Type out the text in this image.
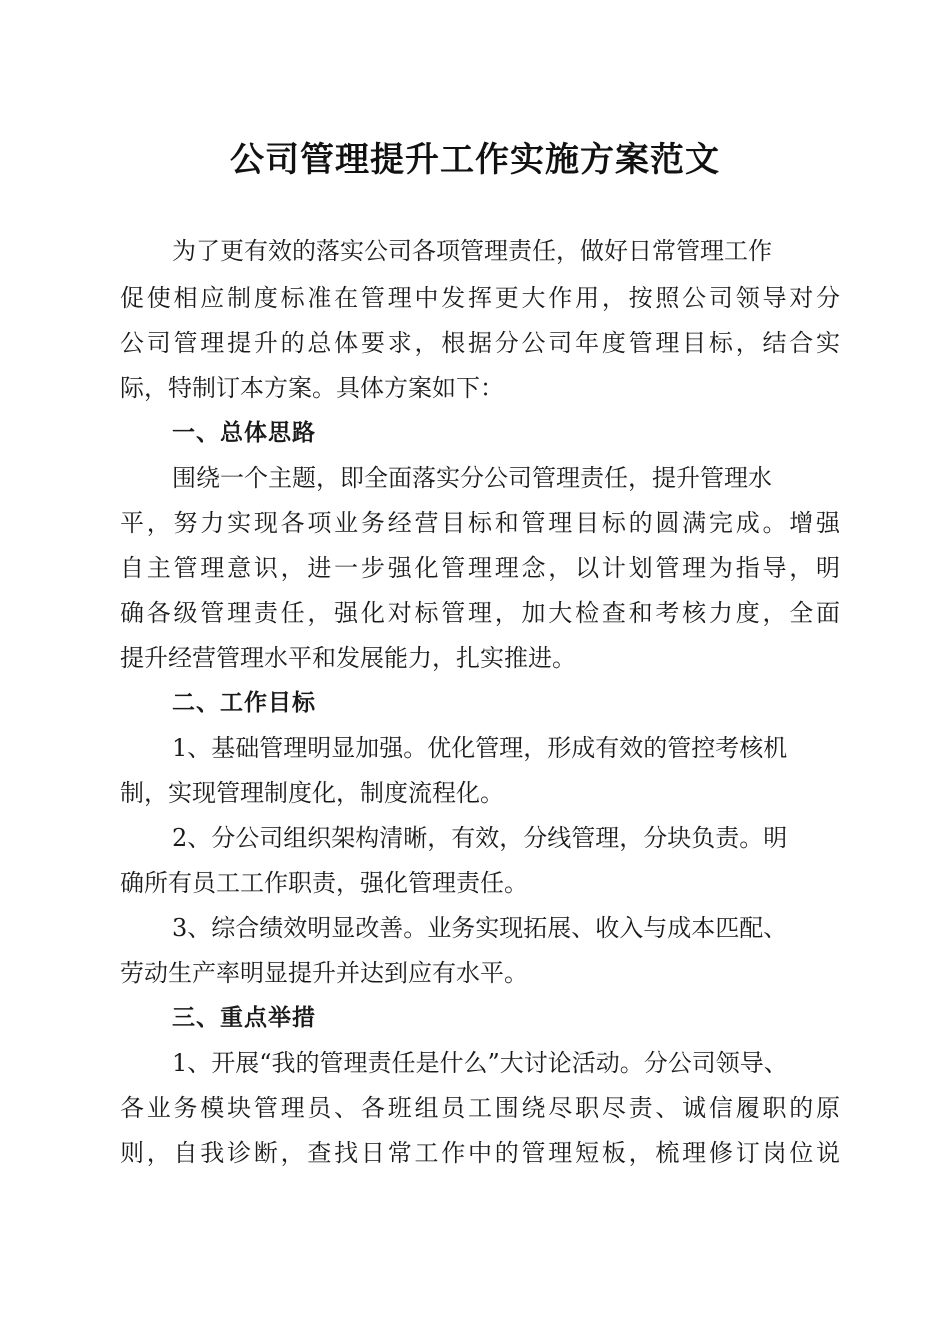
公司管理提升工作实施方案范文

为了更有效的落实公司各项管理责任，做好日常管理工作

促使相应制度标准在管理中发挥更大作用，按照公司领导对分

公司管理提升的总体要求，根据分公司年度管理目标，结合实

际，特制订本方案。具体方案如下：

一、总体思路

围绕一个主题，即全面落实分公司管理责任，提升管理水

平，努力实现各项业务经营目标和管理目标的圆满完成。增强

自主管理意识，进一步强化管理理念，以计划管理为指导，明

确各级管理责任，强化对标管理，加大检查和考核力度，全面

提升经营管理水平和发展能力，扎实推进。

二、工作目标

1、基础管理明显加强。优化管理，形成有效的管控考核机

制，实现管理制度化，制度流程化。

2、分公司组织架构清晰，有效，分线管理，分块负责。明

确所有员工工作职责，强化管理责任。

3、综合绩效明显改善。业务实现拓展、收入与成本匹配、

劳动生产率明显提升并达到应有水平。

三、重点举措

1、开展“我的管理责任是什么”大讨论活动。分公司领导、

各业务模块管理员、各班组员工围绕尽职尽责、诚信履职的原

则，自我诊断，查找日常工作中的管理短板，梳理修订岗位说
